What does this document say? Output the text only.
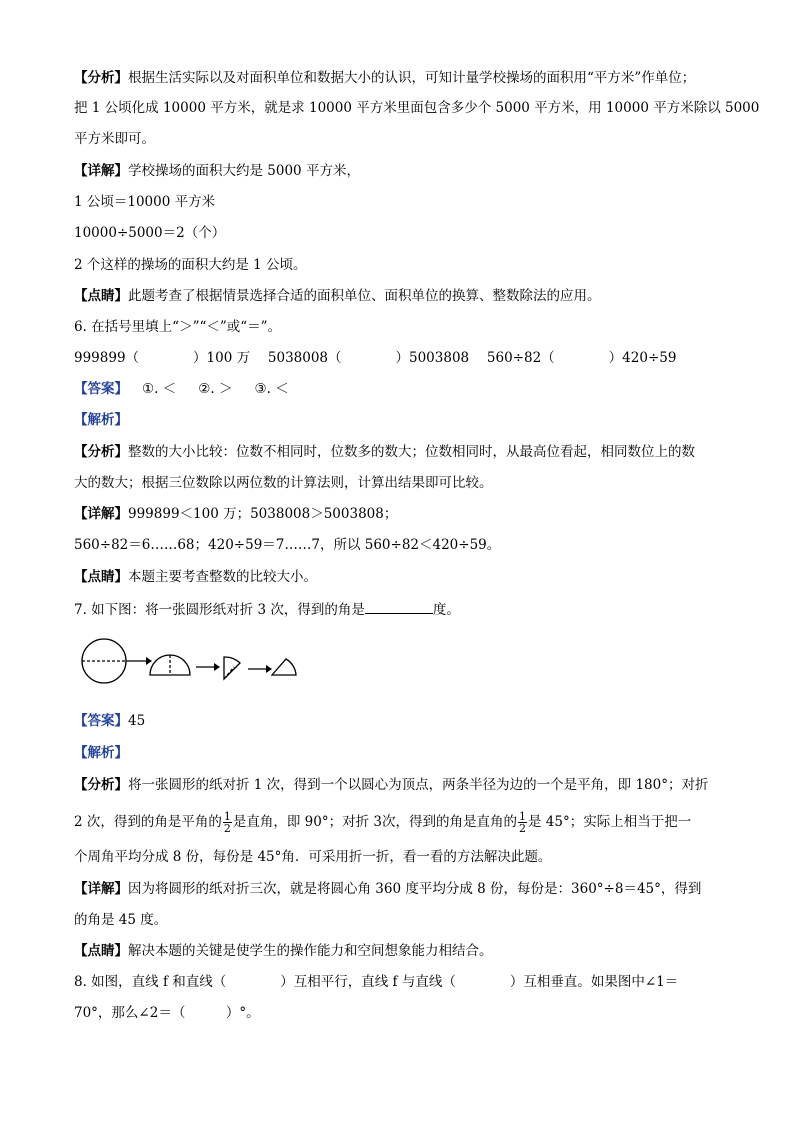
【分析】根据生活实际以及对面积单位和数据大小的认识，可知计量学校操场的面积用“平方米”作单位；
把 1 公顷化成 10000 平方米，就是求 10000 平方米里面包含多少个 5000 平方米，用 10000 平方米除以 5000
平方米即可。
【详解】学校操场的面积大约是 5000 平方米，
1 公顷＝10000 平方米
10000÷5000＝2（个）
2 个这样的操场的面积大约是 1 公顷。
【点睛】此题考查了根据情景选择合适的面积单位、面积单位的换算、整数除法的应用。
6. 在括号里填上“＞”“＜”或“＝”。
999899（　　　　）100 万　 5038008（　　　　）5003808　 560÷82（　　　　）420÷59
【答案】 ①. ＜　  ②. ＞　  ③. ＜
【解析】
【分析】整数的大小比较：位数不相同时，位数多的数大；位数相同时，从最高位看起，相同数位上的数
大的数大；根据三位数除以两位数的计算法则，计算出结果即可比较。
【详解】999899＜100 万；5038008＞5003808；
560÷82＝6……68；420÷59＝7……7，所以 560÷82＜420÷59。
【点睛】本题主要考查整数的比较大小。
7. 如下图：将一张圆形纸对折 3 次，得到的角是	度。
【答案】45
【解析】
【分析】将一张圆形的纸对折 1 次，得到一个以圆心为顶点，两条半径为边的一个是平角，即 180°；对折
2 次，得到的角是平角的 $\frac{1}{2}$ 是直角，即 90°；对折 3次，得到的角是直角的 $\frac{1}{2}$ 是 45°；实际上相当于把一
个周角平均分成 8 份，每份是 45°角．可采用折一折，看一看的方法解决此题。
【详解】因为将圆形的纸对折三次，就是将圆心角 360 度平均分成 8 份，每份是：360°÷8＝45°，得到
的角是 45 度。
【点睛】解决本题的关键是使学生的操作能力和空间想象能力相结合。
8. 如图，直线 f 和直线（　　　　）互相平行，直线 f 与直线（　　　　）互相垂直。如果图中∠1＝
70°，那么∠2＝（　　　）°。
